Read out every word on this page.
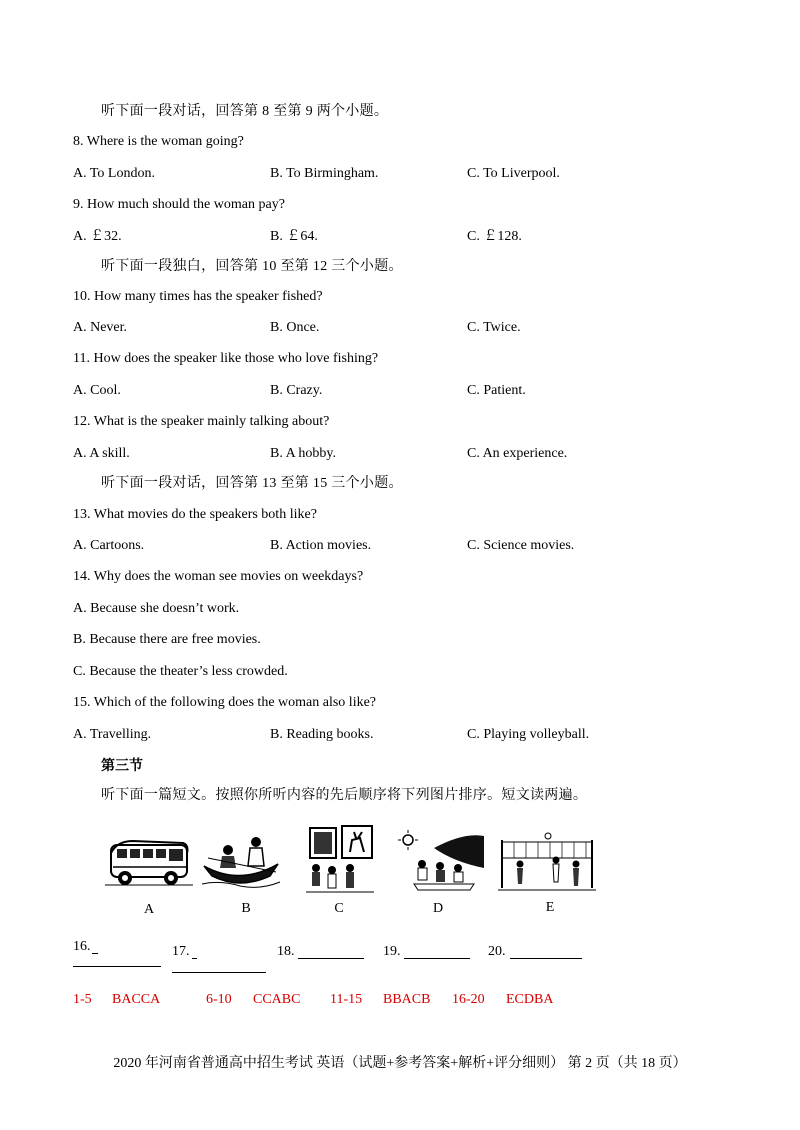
听下面一段对话，回答第 8 至第 9 两个小题。
8. Where is the woman going?
A. To London.	B. To Birmingham.	C. To Liverpool.
9. How much should the woman pay?
A. ￡32.	B. ￡64.	C. ￡128.
听下面一段独白，回答第 10 至第 12 三个小题。
10. How many times has the speaker fished?
A. Never.	B. Once.	C. Twice.
11. How does the speaker like those who love fishing?
A. Cool.	B. Crazy.	C. Patient.
12. What is the speaker mainly talking about?
A. A skill.	B. A hobby.	C. An experience.
听下面一段对话，回答第 13 至第 15 三个小题。
13. What movies do the speakers both like?
A. Cartoons.	B. Action movies.	C. Science movies.
14. Why does the woman see movies on weekdays?
A. Because she doesn’t work.
B. Because there are free movies.
C. Because the theater’s less crowded.
15. Which of the following does the woman also like?
A. Travelling.	B. Reading books.	C. Playing volleyball.
第三节
听下面一篇短文。按照你所听内容的先后顺序将下列图片排序。短文读两遍。
A	B	C	D	E
16.	17.	18.	19.	20.
1-5 BACCA	6-10 CCABC 11-15 BBACB 16-20 ECDBA
2020 年河南省普通高中招生考试 英语（试题+参考答案+解析+评分细则） 第 2 页（共 18 页）
